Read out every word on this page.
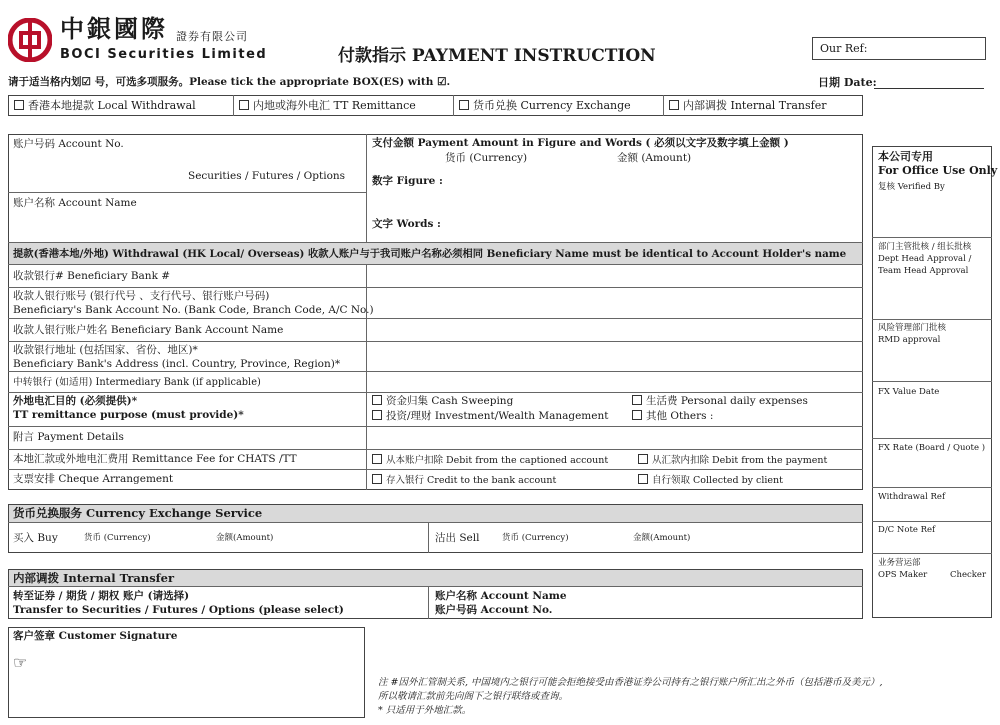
中銀國際 證券有限公司
BOCI Securities Limited	付款指示 PAYMENT INSTRUCTION	Our Ref:
请于适当格内划☑ 号，可选多项服务。Please tick the appropriate BOX(ES) with ☑.	日期 Date:
香港本地提款 Local Withdrawal	内地或海外电汇 TT Remittance	货币兑换 Currency Exchange	内部调拨 Internal Transfer
账户号码 Account No.
Securities / Futures / Options
账户名称 Account Name
支付金额 Payment Amount in Figure and Words ( 必须以文字及数字填上金额 )
货币 (Currency)	金额 (Amount)
数字 Figure :
文字 Words :
提款(香港本地/外地) Withdrawal (HK Local/ Overseas) 收款人账户与于我司账户名称必须相同 Beneficiary Name must be identical to Account Holder's name
收款银行# Beneficiary Bank #
收款人银行账号 (银行代号 、支行代号、银行账户号码)
Beneficiary's Bank Account No. (Bank Code, Branch Code, A/C No.)
收款人银行账户姓名 Beneficiary Bank Account Name
收款银行地址 (包括国家、省份、地区)*
Beneficiary Bank's Address (incl. Country, Province, Region)*
中转银行 (如适用) Intermediary Bank (if applicable)
外地电汇目的 (必须提供)*
TT remittance purpose (must provide)*
资金归集 Cash Sweeping	生活费 Personal daily expenses
投资/理财 Investment/Wealth Management	其他 Others :
附言 Payment Details
本地汇款或外地电汇费用 Remittance Fee for CHATS /TT	从本账户扣除 Debit from the captioned account	从汇款内扣除 Debit from the payment
支票安排 Cheque Arrangement	存入银行 Credit to the bank account	自行领取 Collected by client
货币兑换服务 Currency Exchange Service
买入 Buy	货币 (Currency)	金额(Amount)	沽出 Sell	货币 (Currency)	金额(Amount)
内部调拨 Internal Transfer
转至证券 / 期货 / 期权 账户 (请选择)
Transfer to Securities / Futures / Options (please select)
账户名称 Account Name
账户号码 Account No.
客户签章 Customer Signature
☞
注 #因外汇管制关系, 中国境内之银行可能会拒绝接受由香港证券公司持有之银行账户所汇出之外币（包括港币及美元）,
所以敬请汇款前先向阁下之银行联络或查询。
* 只适用于外地汇款。
本公司专用
For Office Use Only
复核 Verified By
部门主管批核 / 组长批核
Dept Head Approval /
Team Head Approval
风险管理部门批核
RMD approval
FX Value Date
FX Rate (Board / Quote )
Withdrawal Ref
D/C Note Ref
业务营运部
OPS Maker	Checker
